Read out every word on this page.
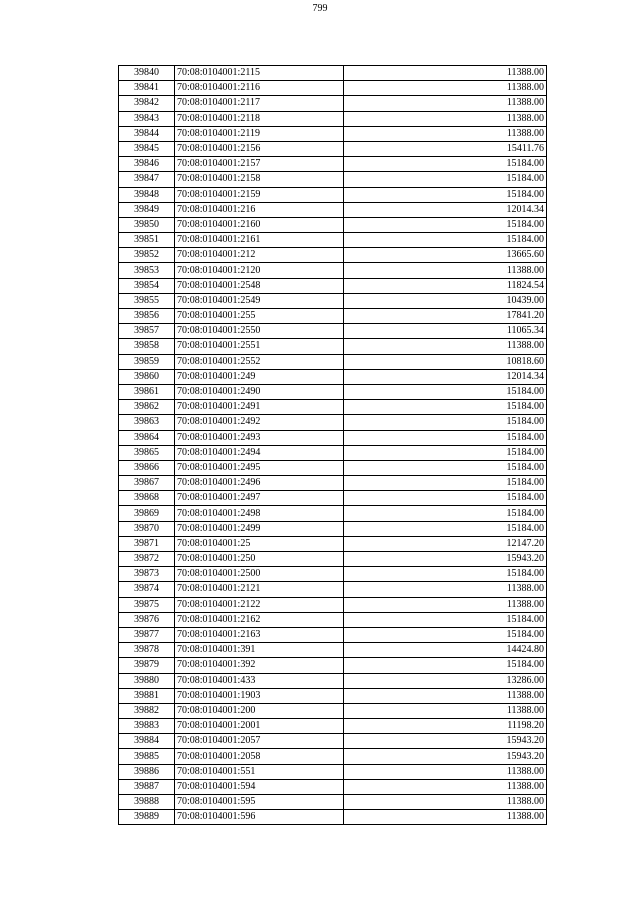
799
39840	70:08:0104001:2115	11388.00
39841	70:08:0104001:2116	11388.00
39842	70:08:0104001:2117	11388.00
39843	70:08:0104001:2118	11388.00
39844	70:08:0104001:2119	11388.00
39845	70:08:0104001:2156	15411.76
39846	70:08:0104001:2157	15184.00
39847	70:08:0104001:2158	15184.00
39848	70:08:0104001:2159	15184.00
39849	70:08:0104001:216	12014.34
39850	70:08:0104001:2160	15184.00
39851	70:08:0104001:2161	15184.00
39852	70:08:0104001:212	13665.60
39853	70:08:0104001:2120	11388.00
39854	70:08:0104001:2548	11824.54
39855	70:08:0104001:2549	10439.00
39856	70:08:0104001:255	17841.20
39857	70:08:0104001:2550	11065.34
39858	70:08:0104001:2551	11388.00
39859	70:08:0104001:2552	10818.60
39860	70:08:0104001:249	12014.34
39861	70:08:0104001:2490	15184.00
39862	70:08:0104001:2491	15184.00
39863	70:08:0104001:2492	15184.00
39864	70:08:0104001:2493	15184.00
39865	70:08:0104001:2494	15184.00
39866	70:08:0104001:2495	15184.00
39867	70:08:0104001:2496	15184.00
39868	70:08:0104001:2497	15184.00
39869	70:08:0104001:2498	15184.00
39870	70:08:0104001:2499	15184.00
39871	70:08:0104001:25	12147.20
39872	70:08:0104001:250	15943.20
39873	70:08:0104001:2500	15184.00
39874	70:08:0104001:2121	11388.00
39875	70:08:0104001:2122	11388.00
39876	70:08:0104001:2162	15184.00
39877	70:08:0104001:2163	15184.00
39878	70:08:0104001:391	14424.80
39879	70:08:0104001:392	15184.00
39880	70:08:0104001:433	13286.00
39881	70:08:0104001:1903	11388.00
39882	70:08:0104001:200	11388.00
39883	70:08:0104001:2001	11198.20
39884	70:08:0104001:2057	15943.20
39885	70:08:0104001:2058	15943.20
39886	70:08:0104001:551	11388.00
39887	70:08:0104001:594	11388.00
39888	70:08:0104001:595	11388.00
39889	70:08:0104001:596	11388.00
